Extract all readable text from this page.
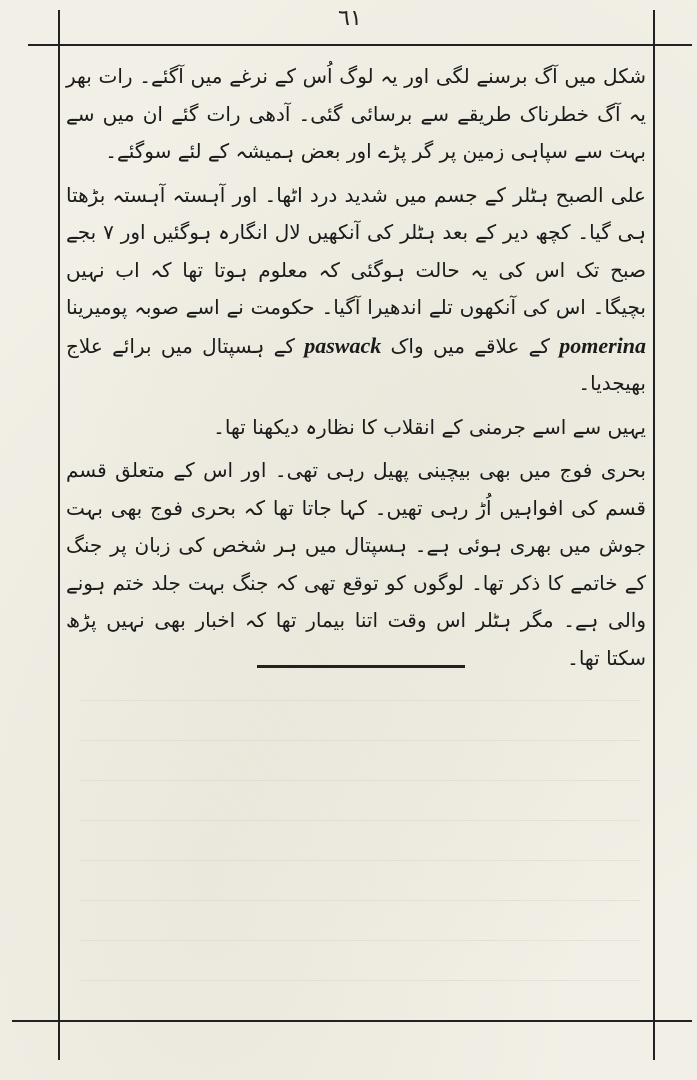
٦١

شکل میں آگ برسنے لگی اور یہ لوگ اُس کے نرغے میں آگئے۔ رات بھر یہ آگ خطرناک طریقے سے برسائی گئی۔ آدھی رات گئے ان میں سے بہت سے سپاہی زمین پر گر پڑے اور بعض ہمیشہ کے لئے سوگئے۔

علی الصبح ہٹلر کے جسم میں شدید درد اٹھا۔ اور آہستہ آہستہ بڑھتا ہی گیا۔ کچھ دیر کے بعد ہٹلر کی آنکھیں لال انگارہ ہوگئیں اور ۷ بجے صبح تک اس کی یہ حالت ہوگئی کہ معلوم ہوتا تھا کہ اب نہیں بچیگا۔ اس کی آنکھوں تلے اندھیرا آگیا۔ حکومت نے اسے صوبہ پومیرینا pomerina کے علاقے میں واک paswack کے ہسپتال میں برائے علاج بھیجدیا۔

یہیں سے اسے جرمنی کے انقلاب کا نظارہ دیکھنا تھا۔

بحری فوج میں بھی بیچینی پھیل رہی تھی۔ اور اس کے متعلق قسم قسم کی افواہیں اُڑ رہی تھیں۔ کہا جاتا تھا کہ بحری فوج بھی بہت جوش میں بھری ہوئی ہے۔ ہسپتال میں ہر شخص کی زبان پر جنگ کے خاتمے کا ذکر تھا۔ لوگوں کو توقع تھی کہ جنگ بہت جلد ختم ہونے والی ہے۔ مگر ہٹلر اس وقت اتنا بیمار تھا کہ اخبار بھی نہیں پڑھ سکتا تھا۔
